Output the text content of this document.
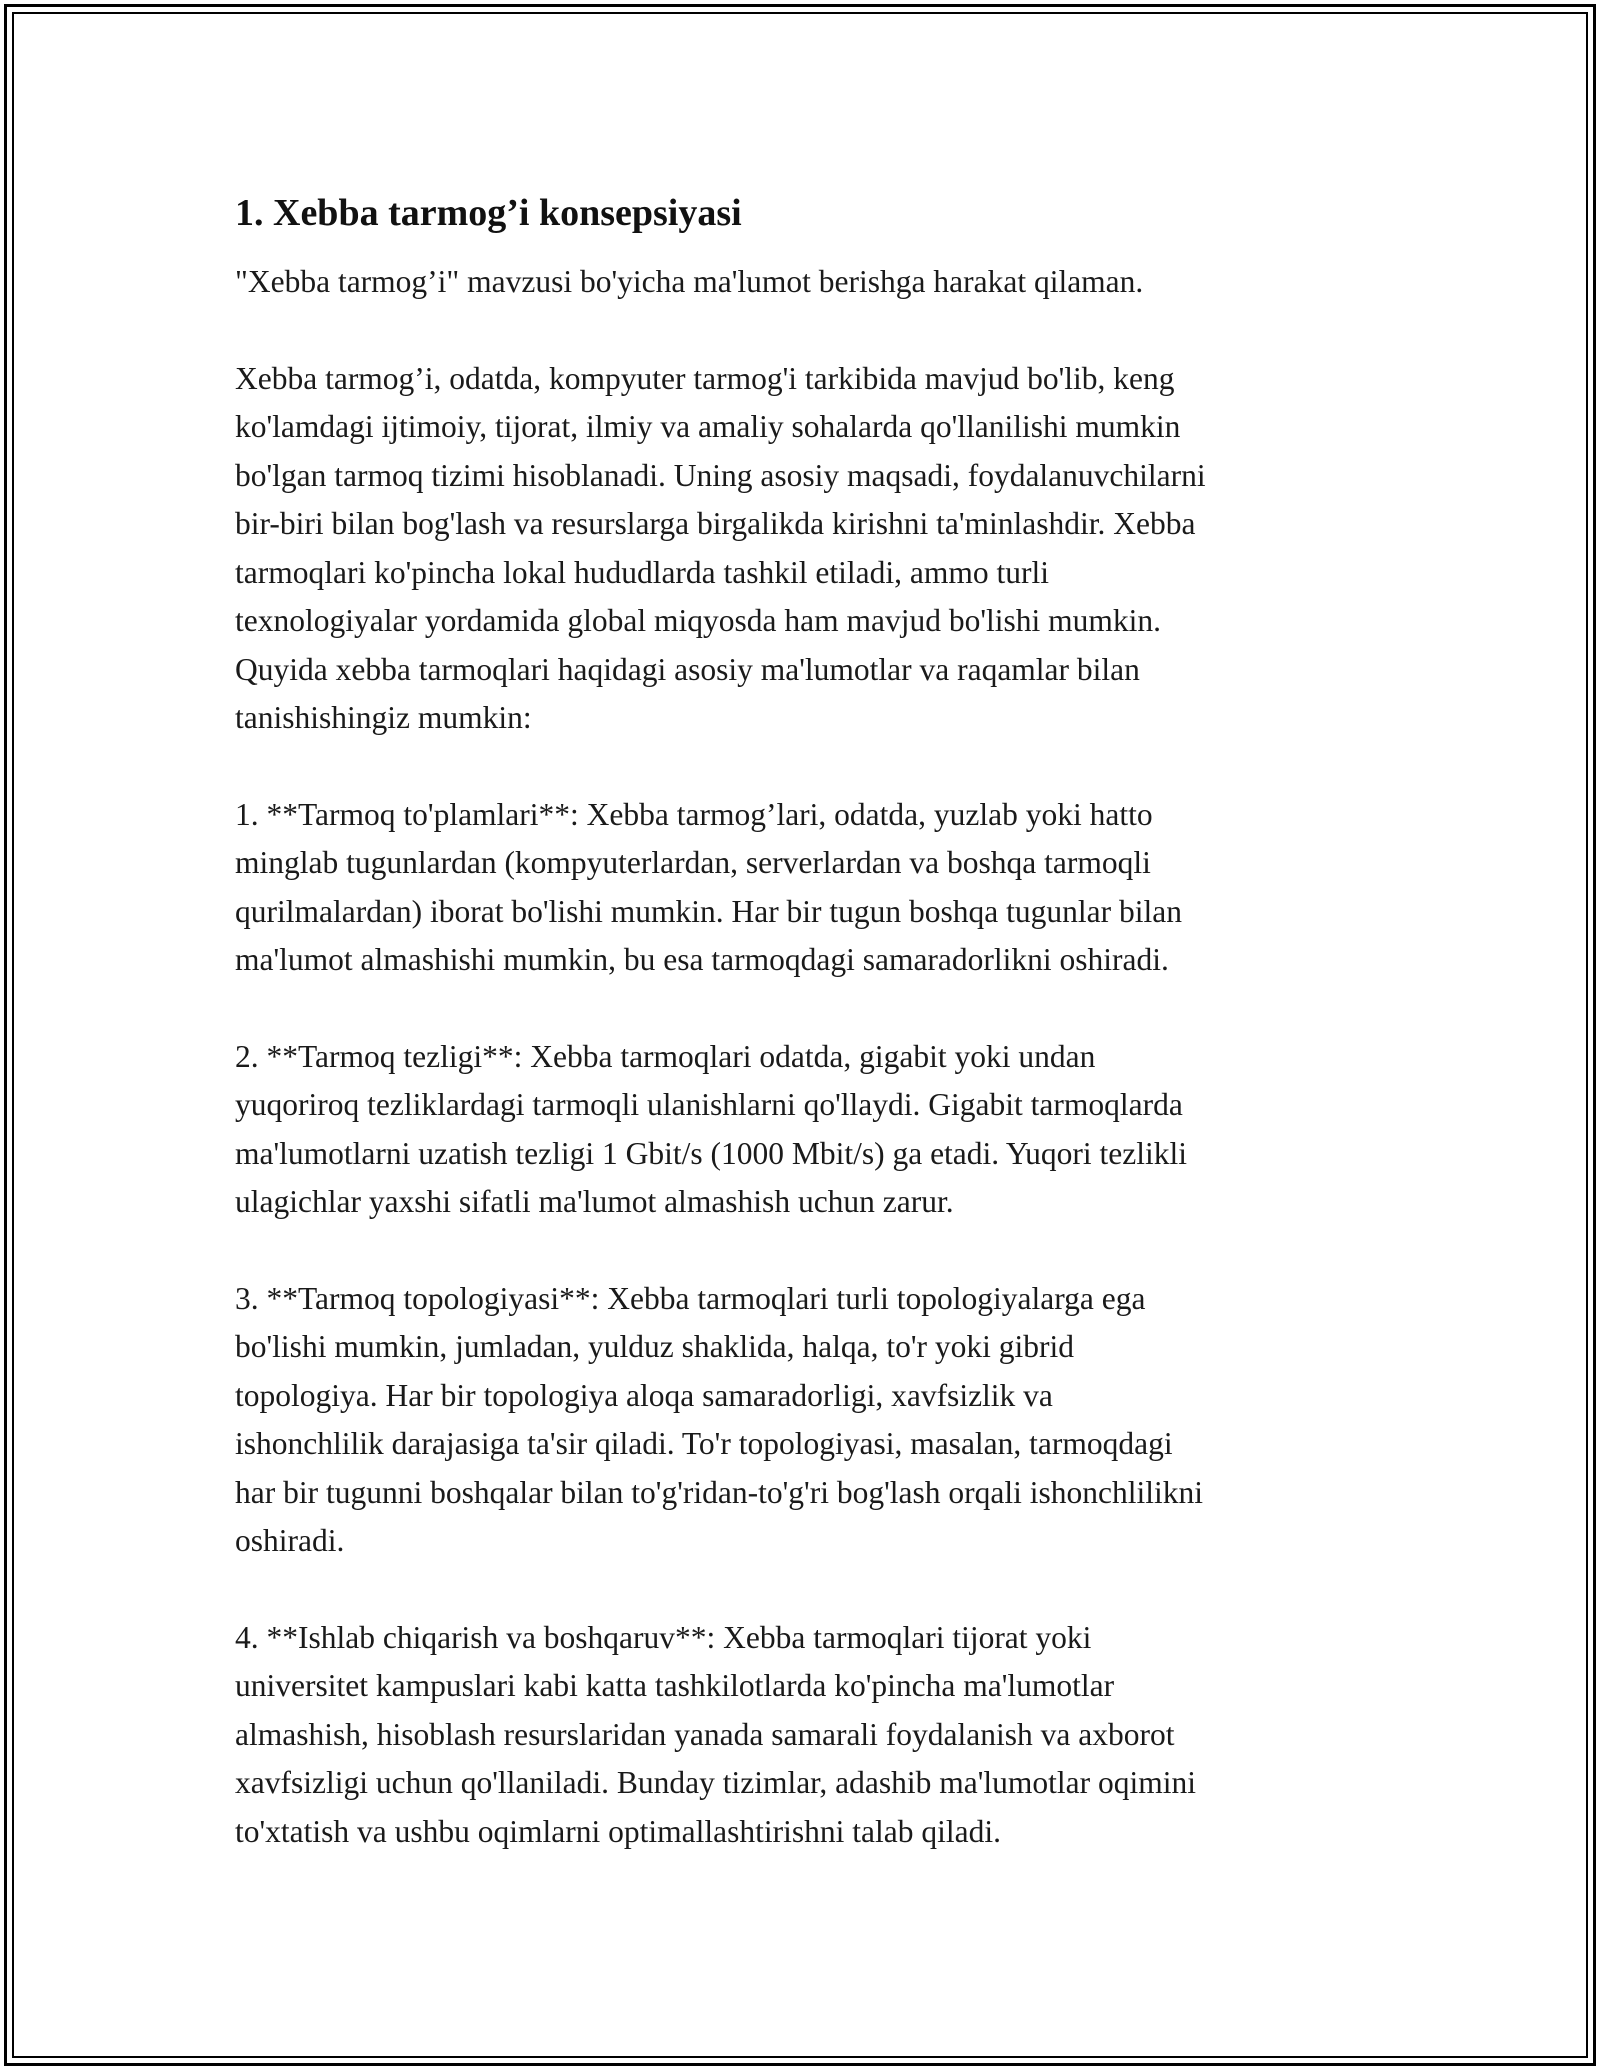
1. Xebba tarmog’i konsepsiyasi

"Xebba tarmog’i" mavzusi bo'yicha ma'lumot berishga harakat qilaman.

Xebba tarmog’i, odatda, kompyuter tarmog'i tarkibida mavjud bo'lib, keng
ko'lamdagi ijtimoiy, tijorat, ilmiy va amaliy sohalarda qo'llanilishi mumkin
bo'lgan tarmoq tizimi hisoblanadi. Uning asosiy maqsadi, foydalanuvchilarni
bir-biri bilan bog'lash va resurslarga birgalikda kirishni ta'minlashdir. Xebba
tarmoqlari ko'pincha lokal hududlarda tashkil etiladi, ammo turli
texnologiyalar yordamida global miqyosda ham mavjud bo'lishi mumkin.
Quyida xebba tarmoqlari haqidagi asosiy ma'lumotlar va raqamlar bilan
tanishishingiz mumkin:

1. **Tarmoq to'plamlari**: Xebba tarmog’lari, odatda, yuzlab yoki hatto
minglab tugunlardan (kompyuterlardan, serverlardan va boshqa tarmoqli
qurilmalardan) iborat bo'lishi mumkin. Har bir tugun boshqa tugunlar bilan
ma'lumot almashishi mumkin, bu esa tarmoqdagi samaradorlikni oshiradi.

2. **Tarmoq tezligi**: Xebba tarmoqlari odatda, gigabit yoki undan
yuqoriroq tezliklardagi tarmoqli ulanishlarni qo'llaydi. Gigabit tarmoqlarda
ma'lumotlarni uzatish tezligi 1 Gbit/s (1000 Mbit/s) ga etadi. Yuqori tezlikli
ulagichlar yaxshi sifatli ma'lumot almashish uchun zarur.

3. **Tarmoq topologiyasi**: Xebba tarmoqlari turli topologiyalarga ega
bo'lishi mumkin, jumladan, yulduz shaklida, halqa, to'r yoki gibrid
topologiya. Har bir topologiya aloqa samaradorligi, xavfsizlik va
ishonchlilik darajasiga ta'sir qiladi. To'r topologiyasi, masalan, tarmoqdagi
har bir tugunni boshqalar bilan to'g'ridan-to'g'ri bog'lash orqali ishonchlilikni
oshiradi.

4. **Ishlab chiqarish va boshqaruv**: Xebba tarmoqlari tijorat yoki
universitet kampuslari kabi katta tashkilotlarda ko'pincha ma'lumotlar
almashish, hisoblash resurslaridan yanada samarali foydalanish va axborot
xavfsizligi uchun qo'llaniladi. Bunday tizimlar, adashib ma'lumotlar oqimini
to'xtatish va ushbu oqimlarni optimallashtirishni talab qiladi.
